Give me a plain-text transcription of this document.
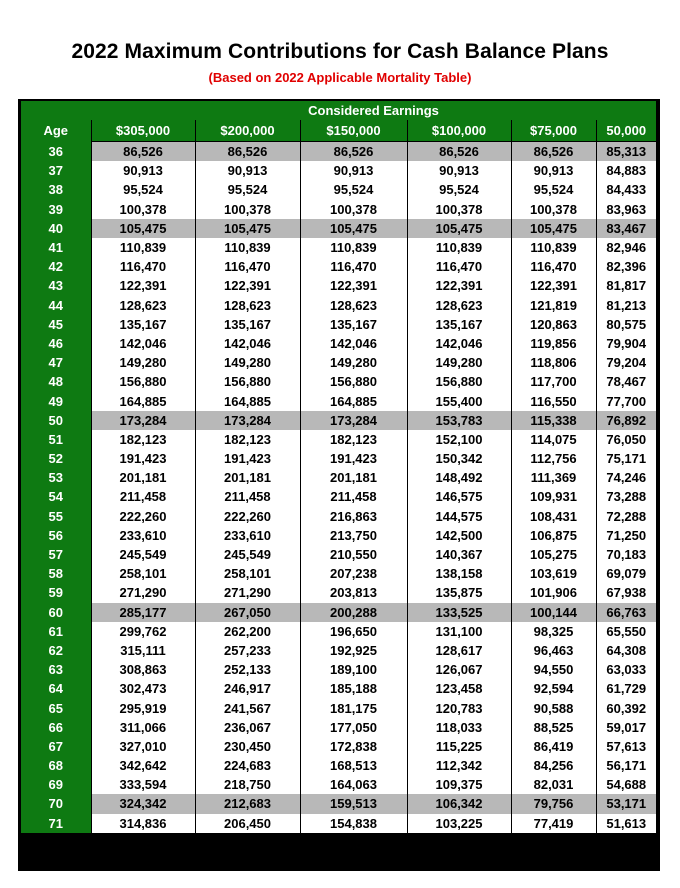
2022 Maximum Contributions for Cash Balance Plans
(Based on 2022 Applicable Mortality Table)
	Considered Earnings					
Age	$305,000	$200,000	$150,000	$100,000	$75,000	50,000
36	86,526	86,526	86,526	86,526	86,526	85,313
37	90,913	90,913	90,913	90,913	90,913	84,883
38	95,524	95,524	95,524	95,524	95,524	84,433
39	100,378	100,378	100,378	100,378	100,378	83,963
40	105,475	105,475	105,475	105,475	105,475	83,467
41	110,839	110,839	110,839	110,839	110,839	82,946
42	116,470	116,470	116,470	116,470	116,470	82,396
43	122,391	122,391	122,391	122,391	122,391	81,817
44	128,623	128,623	128,623	128,623	121,819	81,213
45	135,167	135,167	135,167	135,167	120,863	80,575
46	142,046	142,046	142,046	142,046	119,856	79,904
47	149,280	149,280	149,280	149,280	118,806	79,204
48	156,880	156,880	156,880	156,880	117,700	78,467
49	164,885	164,885	164,885	155,400	116,550	77,700
50	173,284	173,284	173,284	153,783	115,338	76,892
51	182,123	182,123	182,123	152,100	114,075	76,050
52	191,423	191,423	191,423	150,342	112,756	75,171
53	201,181	201,181	201,181	148,492	111,369	74,246
54	211,458	211,458	211,458	146,575	109,931	73,288
55	222,260	222,260	216,863	144,575	108,431	72,288
56	233,610	233,610	213,750	142,500	106,875	71,250
57	245,549	245,549	210,550	140,367	105,275	70,183
58	258,101	258,101	207,238	138,158	103,619	69,079
59	271,290	271,290	203,813	135,875	101,906	67,938
60	285,177	267,050	200,288	133,525	100,144	66,763
61	299,762	262,200	196,650	131,100	98,325	65,550
62	315,111	257,233	192,925	128,617	96,463	64,308
63	308,863	252,133	189,100	126,067	94,550	63,033
64	302,473	246,917	185,188	123,458	92,594	61,729
65	295,919	241,567	181,175	120,783	90,588	60,392
66	311,066	236,067	177,050	118,033	88,525	59,017
67	327,010	230,450	172,838	115,225	86,419	57,613
68	342,642	224,683	168,513	112,342	84,256	56,171
69	333,594	218,750	164,063	109,375	82,031	54,688
70	324,342	212,683	159,513	106,342	79,756	53,171
71	314,836	206,450	154,838	103,225	77,419	51,613
